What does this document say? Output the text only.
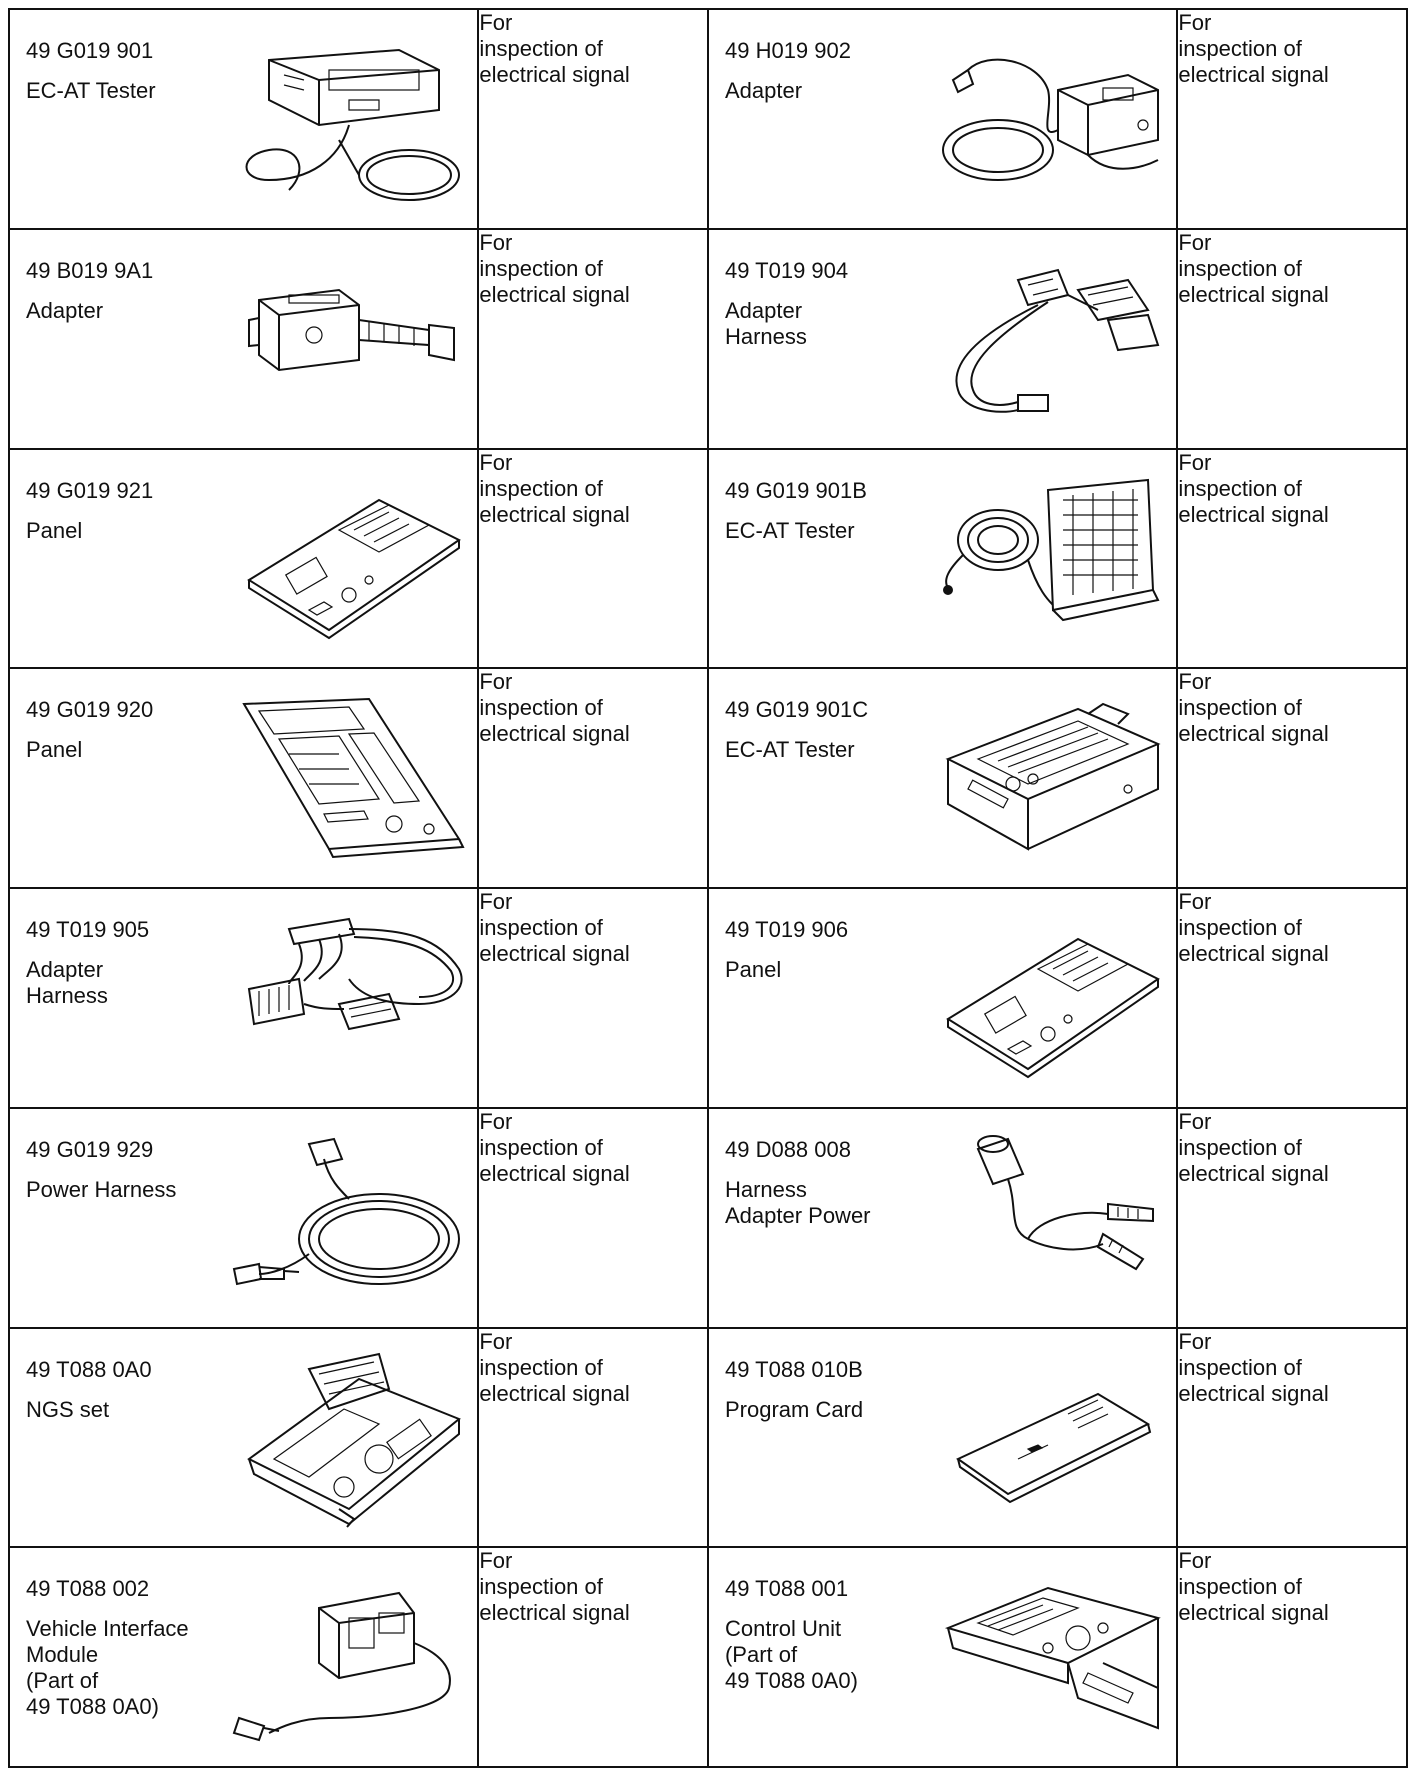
49 G019 901
EC-AT Tester	For
inspection of
electrical signal	49 H019 902
Adapter	For
inspection of
electrical signal

49 B019 9A1
Adapter	For
inspection of
electrical signal	49 T019 904
Adapter
Harness	For
inspection of
electrical signal

49 G019 921
Panel	For
inspection of
electrical signal	49 G019 901B
EC-AT Tester	For
inspection of
electrical signal

49 G019 920
Panel	For
inspection of
electrical signal	49 G019 901C
EC-AT Tester	For
inspection of
electrical signal

49 T019 905
Adapter
Harness	For
inspection of
electrical signal	49 T019 906
Panel	For
inspection of
electrical signal

49 G019 929
Power Harness	For
inspection of
electrical signal	49 D088 008
Harness
Adapter Power	For
inspection of
electrical signal

49 T088 0A0
NGS set	For
inspection of
electrical signal	49 T088 010B
Program Card	For
inspection of
electrical signal

49 T088 002
Vehicle Interface
Module
(Part of
49 T088 0A0)	For
inspection of
electrical signal	49 T088 001
Control Unit
(Part of
49 T088 0A0)	For
inspection of
electrical signal
